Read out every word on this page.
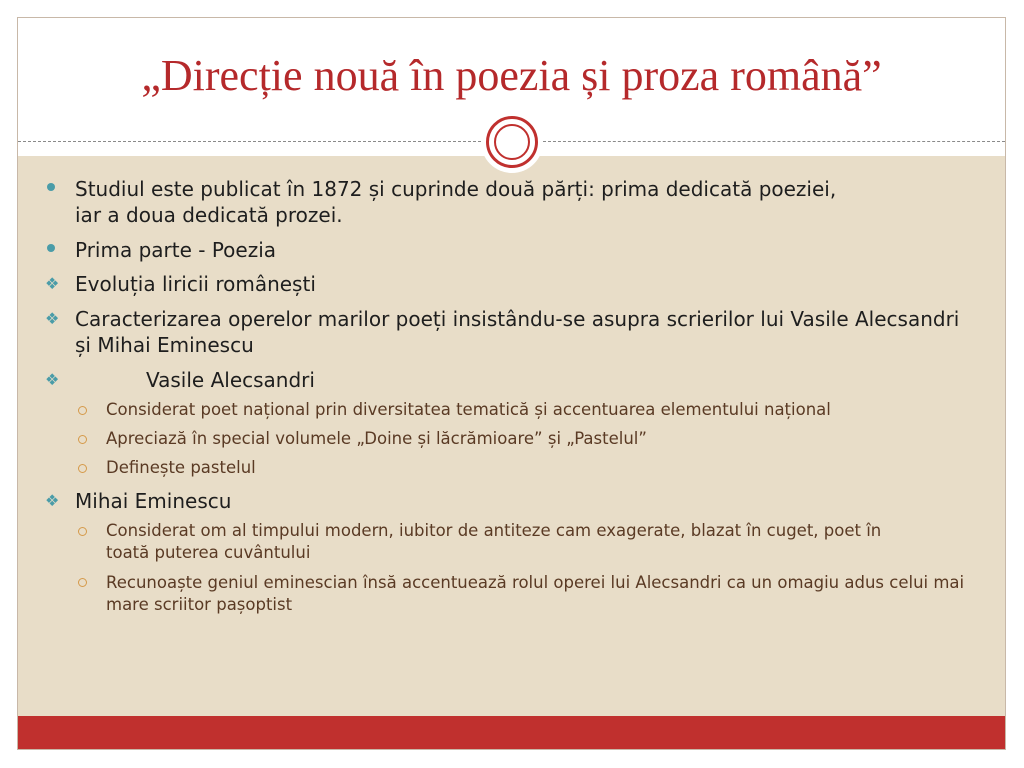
„Direcție nouă în poezia și proza română”
❖
❖
❖
❖
Studiul este publicat în 1872 și cuprinde două părți: prima dedicată poeziei, iar a doua dedicată prozei.
Prima parte - Poezia
Evoluția liricii românești
Caracterizarea operelor marilor poeți insistându-se asupra scrierilor lui Vasile Alecsandri și Mihai Eminescu
Vasile Alecsandri
Considerat poet național prin diversitatea tematică și accentuarea elementului național
Apreciază în special volumele „Doine și lăcrămioare” și „Pastelul”
Definește pastelul
Mihai Eminescu
Considerat om al timpului modern, iubitor de antiteze cam exagerate, blazat în cuget, poet în toată puterea cuvântului
Recunoaște geniul eminescian însă accentuează rolul operei lui Alecsandri ca un omagiu adus celui mai mare scriitor pașoptist
